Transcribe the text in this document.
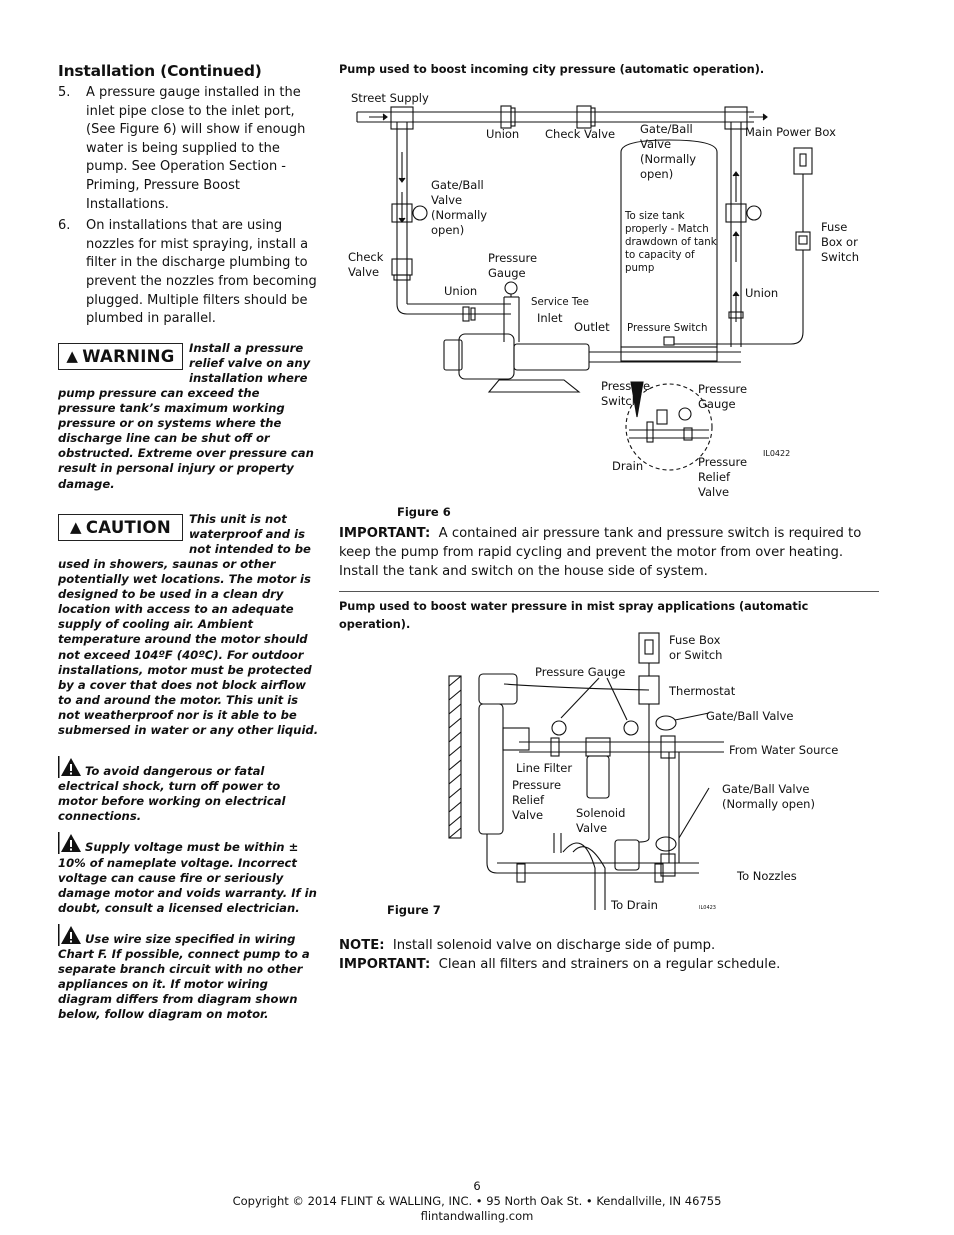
Installation (Continued)
5.	A pressure gauge installed in the inlet pipe close to the inlet port, (See Figure 6) will show if enough water is being supplied to the pump. See Operation Section - Priming, Pressure Boost Installations.
6.	On installations that are using nozzles for mist spraying, install a filter in the discharge plumbing to prevent the nozzles from becoming plugged. Multiple filters should be plumbed in parallel.
▲ WARNING Install a pressure relief valve on any installation where pump pressure can exceed the pressure tank’s maximum working pressure or on systems where the discharge line can be shut off or obstructed. Extreme over pressure can result in personal injury or property damage.
▲ CAUTION This unit is not waterproof and is not intended to be used in showers, saunas or other potentially wet locations. The motor is designed to be used in a clean dry location with access to an adequate supply of cooling air. Ambient temperature around the motor should not exceed 104ºF (40ºC). For outdoor installations, motor must be protected by a cover that does not block airflow to and around the motor. This unit is not weatherproof nor is it able to be submersed in water or any other liquid.
To avoid dangerous or fatal electrical shock, turn off power to motor before working on electrical connections.
Supply voltage must be within ± 10% of nameplate voltage. Incorrect voltage can cause fire or seriously damage motor and voids warranty. If in doubt, consult a licensed electrician.
Use wire size specified in wiring Chart F. If possible, connect pump to a separate branch circuit with no other appliances on it. If motor wiring diagram differs from diagram shown below, follow diagram on motor.
Pump used to boost incoming city pressure (automatic operation).
Street Supply
Union Check Valve Gate/Ball Valve (Normally open)
Main Power Box
Gate/Ball Valve (Normally open)
To size tank properly - Match drawdown of tank to capacity of pump
Fuse Box or Switch
Check Valve
Pressure Gauge
Union
Service Tee
Inlet
Outlet Pressure Switch
Union
Pressure Switch
Pressure Gauge
Drain	Pressure Relief Valve
IL0422
Figure 6
IMPORTANT: A contained air pressure tank and pressure switch is required to keep the pump from rapid cycling and prevent the motor from over heating. Install the tank and switch on the house side of system.
Pump used to boost water pressure in mist spray applications (automatic operation).
Fuse Box or Switch
Pressure Gauge
Thermostat
Gate/Ball Valve
From Water Source
Line Filter
Pressure Relief Valve	Solenoid Valve
Gate/Ball Valve (Normally open)
To Nozzles
To Drain	IL0423
Figure 7
NOTE: Install solenoid valve on discharge side of pump.
IMPORTANT: Clean all filters and strainers on a regular schedule.
6
Copyright © 2014 FLINT & WALLING, INC. • 95 North Oak St. • Kendallville, IN 46755
flintandwalling.com
